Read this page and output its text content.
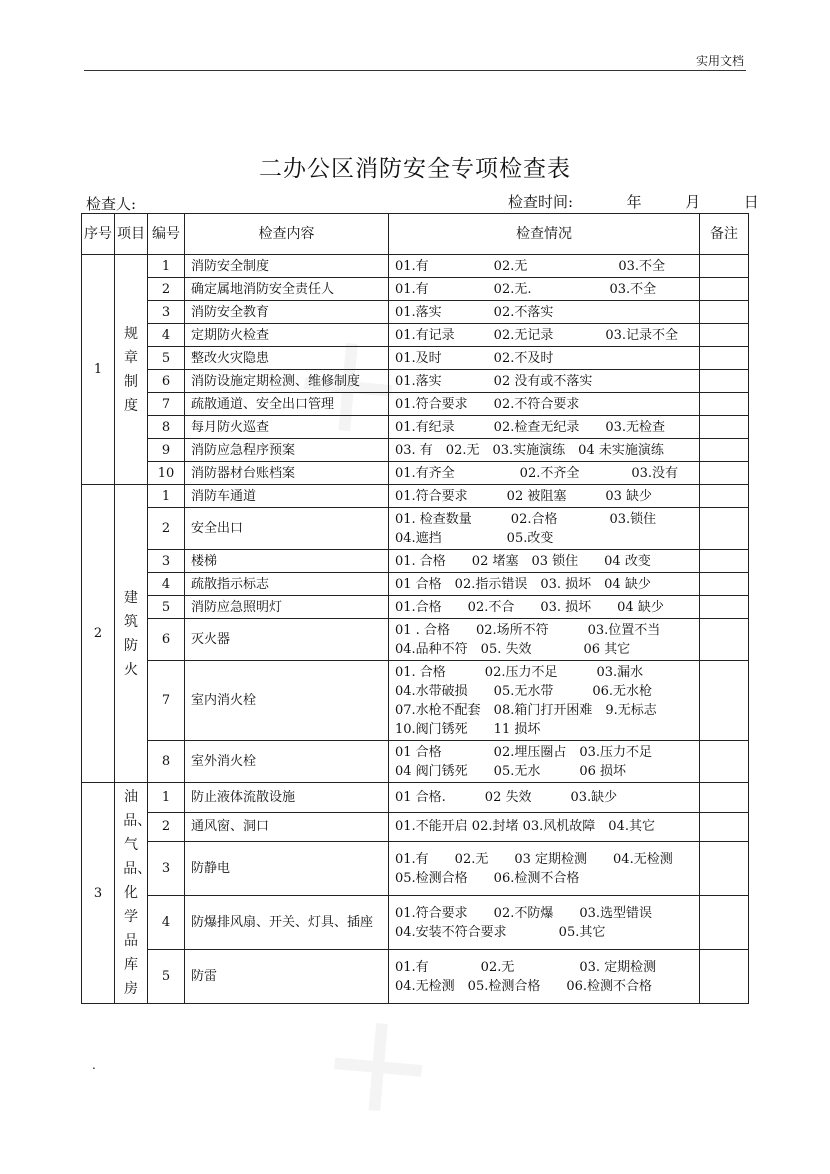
实用文档
二办公区消防安全专项检查表
检查人:	检查时间:	年	月	日
序号	项目	编号	检查内容	检查情况	备注
1	规章制度	1	消防安全制度	01.有　　　　　02.无　　　　　　　03.不全	

		2	确定属地消防安全责任人	01.有　　　　　02.无.　　　　　　03.不全	

		3	消防安全教育	01.落实　　　　02.不落实	

		4	定期防火检查	01.有记录　　　02.无记录　　　　03.记录不全	

		5	整改火灾隐患	01.及时　　　　02.不及时	

		6	消防设施定期检测、维修制度	01.落实　　　　02 没有或不落实	

		7	疏散通道、安全出口管理	01.符合要求　　02.不符合要求	

		8	每月防火巡查	01.有纪录　　　02.检查无纪录　　03.无检查	

		9	消防应急程序预案	03. 有　02.无　03.实施演练　04 未实施演练	

		10	消防器材台账档案	01.有齐全　　　　　02.不齐全　　　　03.没有	

2	建筑防火	1	消防车通道	01.符合要求　　　02 被阻塞　　　03 缺少	

		2	安全出口	01. 检查数量　　　02.合格　　　　03.锁住
04.遮挡　　　　　05.改变	

		3	楼梯	01. 合格　　02 堵塞　03 锁住　　04 改变	

		4	疏散指示标志	01 合格　02.指示错误　03. 损坏　04 缺少	

		5	消防应急照明灯	01.合格　　02.不合　　03. 损坏　　04 缺少	

		6	灭火器	01 . 合格　　02.场所不符　　　03.位置不当
04.品种不符　05. 失效　　　　06 其它	

		7	室内消火栓	01. 合格　　　02.压力不足　　　03.漏水
04.水带破损　　05.无水带　　　06.无水枪
07.水枪不配套　08.箱门打开困难　9.无标志
10.阀门锈死　　11 损坏	

		8	室外消火栓	01 合格　　　　02.埋压圈占　03.压力不足
04 阀门锈死　　05.无水　　　06 损坏	

3	油品、气品、化学品库房	1	防止液体流散设施	01 合格.　　　02 失效　　　03.缺少	

		2	通风窗、洞口	01.不能开启 02.封堵 03.风机故障　04.其它	

		3	防静电	01.有　　02.无　　03 定期检测　　04.无检测
05.检测合格　　06.检测不合格	

		4	防爆排风扇、开关、灯具、插座	01.符合要求　　02.不防爆　　03.选型错误
04.安装不符合要求　　　　05.其它	

		5	防雷	01.有　　　　02.无　　　　　03. 定期检测
04.无检测　05.检测合格　　06.检测不合格	

.
